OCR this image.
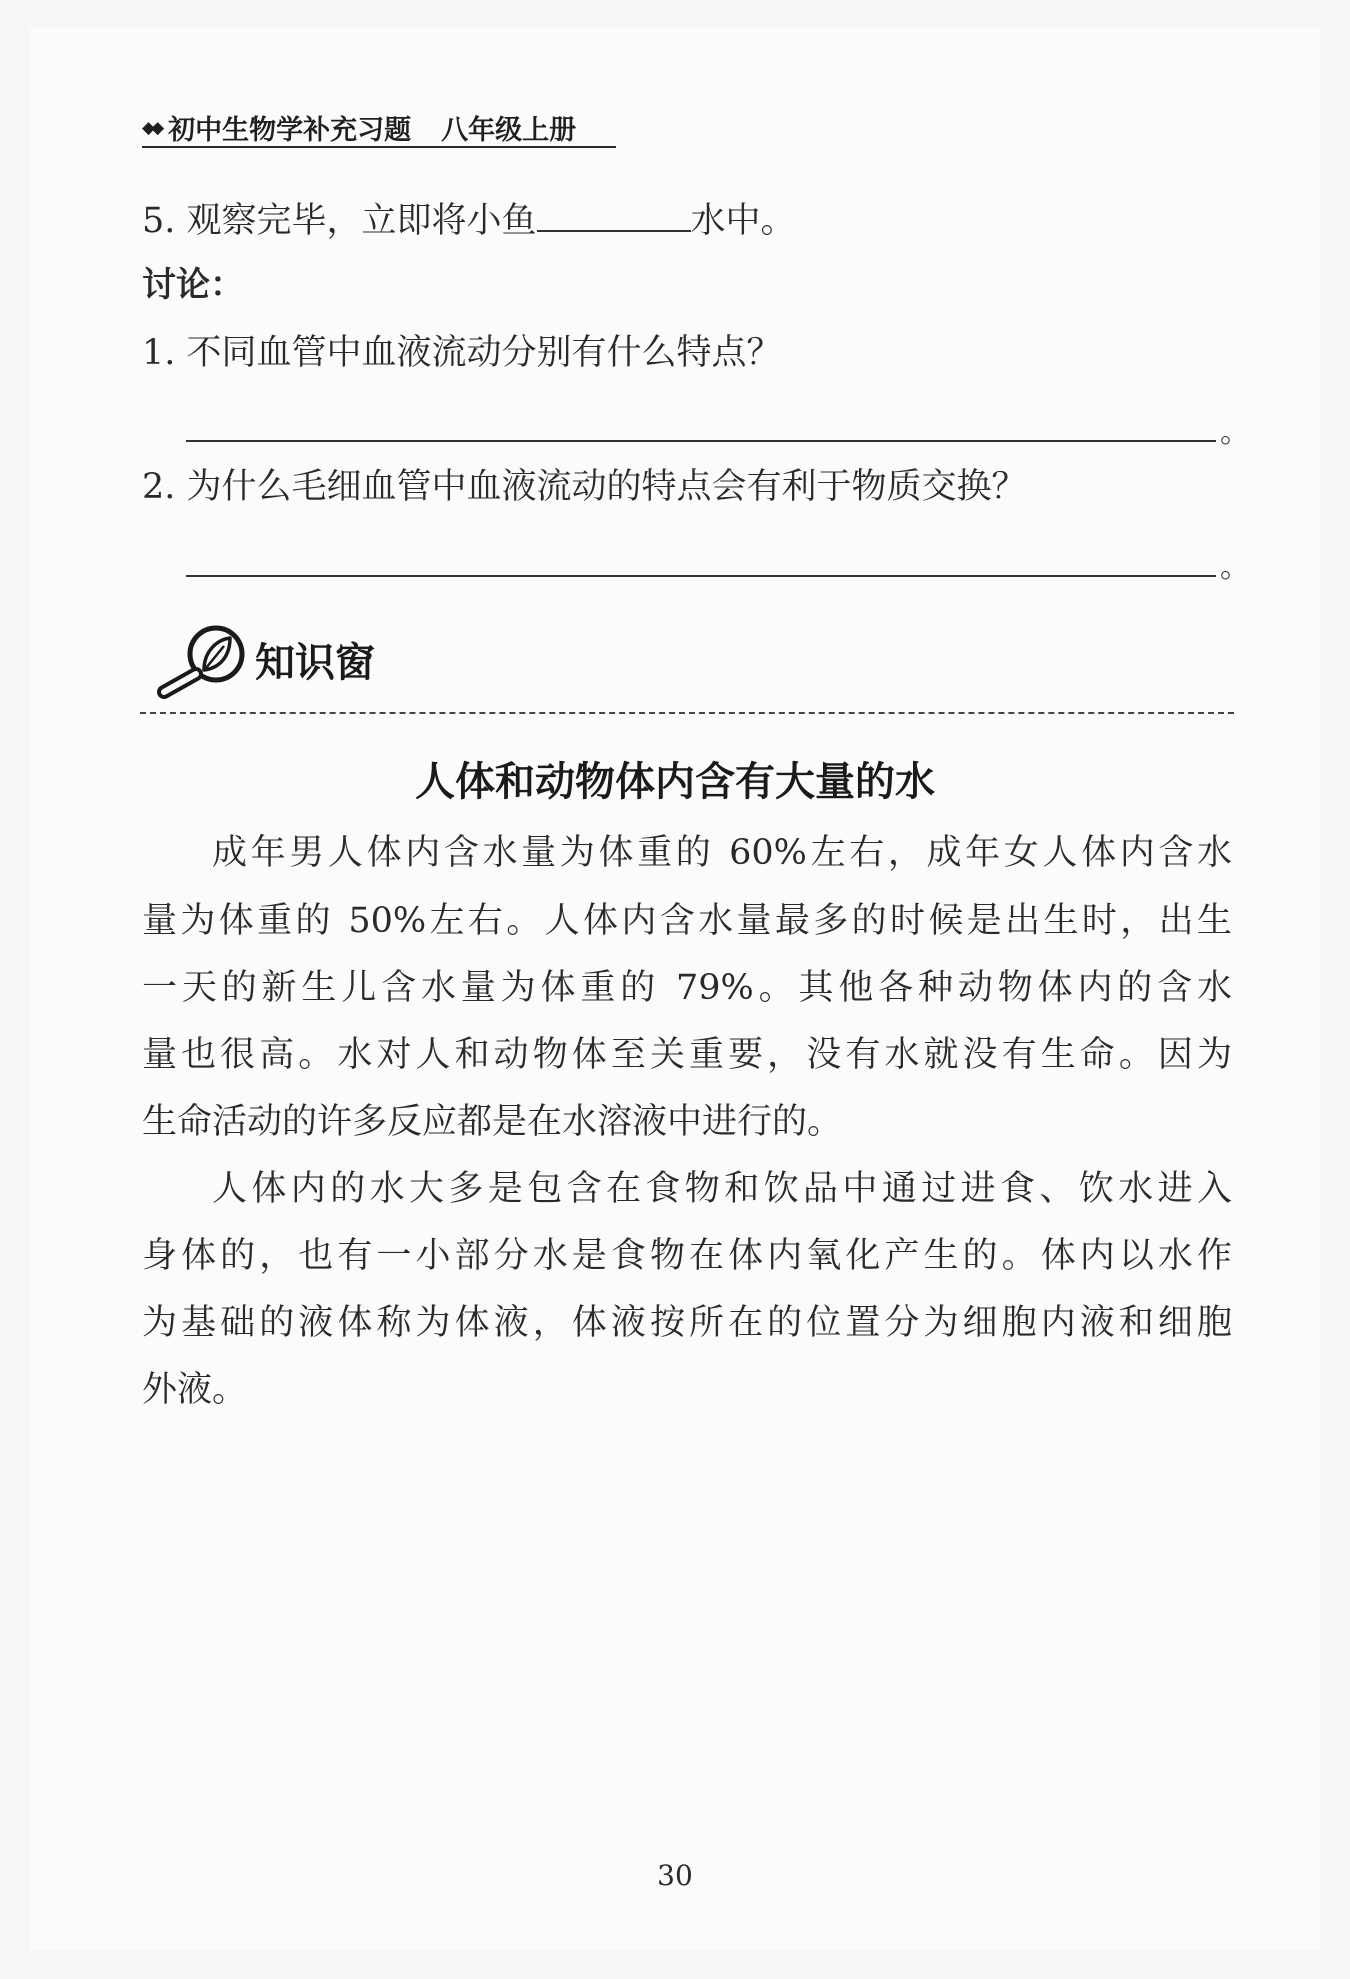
◆◆ 初中生物学补充习题 八年级上册
5. 观察完毕，立即将小鱼	水中。
讨论：
1. 不同血管中血液流动分别有什么特点？
。
2. 为什么毛细血管中血液流动的特点会有利于物质交换？
。
知识窗
人体和动物体内含有大量的水
成年男人体内含水量为体重的 60%左右，成年女人体内含水
量为体重的 50%左右。人体内含水量最多的时候是出生时，出生
一天的新生儿含水量为体重的 79%。其他各种动物体内的含水
量也很高。水对人和动物体至关重要，没有水就没有生命。因为
生命活动的许多反应都是在水溶液中进行的。
人体内的水大多是包含在食物和饮品中通过进食、饮水进入
身体的，也有一小部分水是食物在体内氧化产生的。体内以水作
为基础的液体称为体液，体液按所在的位置分为细胞内液和细胞
外液。
30
